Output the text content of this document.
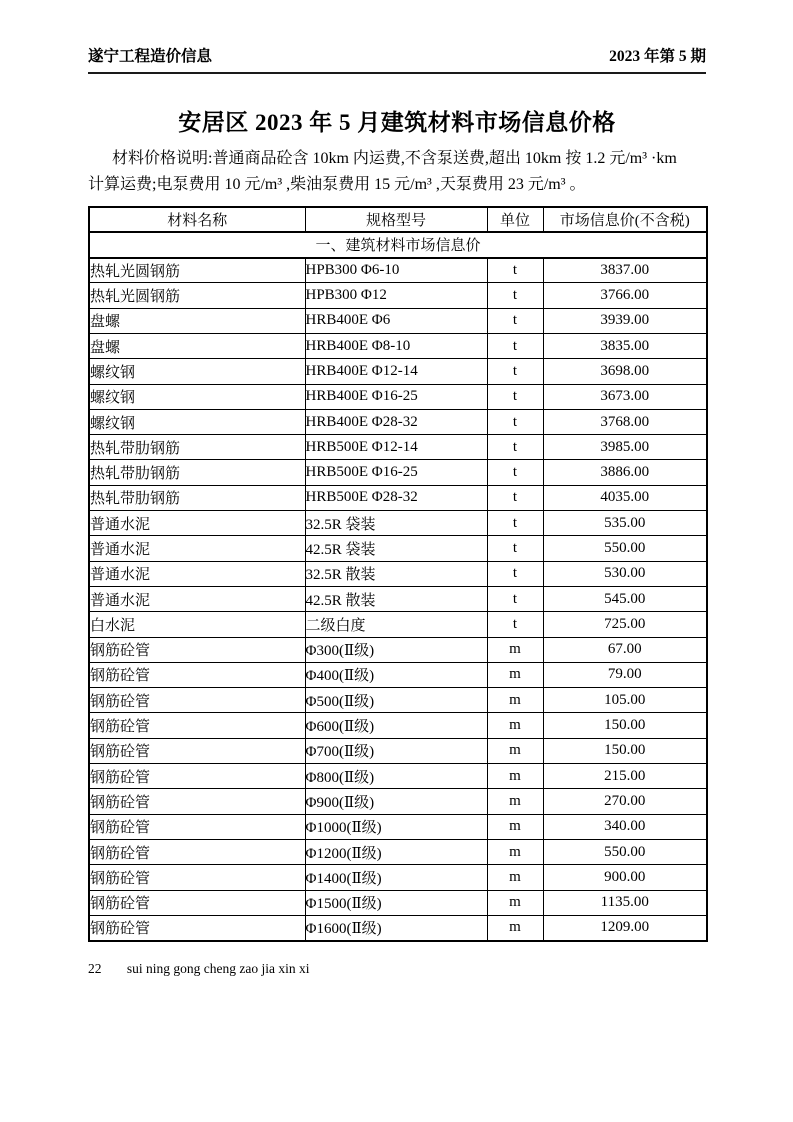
遂宁工程造价信息	2023 年第 5 期
安居区 2023 年 5 月建筑材料市场信息价格
材料价格说明:普通商品砼含 10km 内运费,不含泵送费,超出 10km 按 1.2 元/m³ ·km
计算运费;电泵费用 10 元/m³ ,柴油泵费用 15 元/m³ ,天泵费用 23 元/m³ 。
材料名称	规格型号	单位	市场信息价(不含税)
一、建筑材料市场信息价			
热轧光圆钢筋	HPB300 Φ6-10	t	3837.00
热轧光圆钢筋	HPB300 Φ12	t	3766.00
盘螺	HRB400E Φ6	t	3939.00
盘螺	HRB400E Φ8-10	t	3835.00
螺纹钢	HRB400E Φ12-14	t	3698.00
螺纹钢	HRB400E Φ16-25	t	3673.00
螺纹钢	HRB400E Φ28-32	t	3768.00
热轧带肋钢筋	HRB500E Φ12-14	t	3985.00
热轧带肋钢筋	HRB500E Φ16-25	t	3886.00
热轧带肋钢筋	HRB500E Φ28-32	t	4035.00
普通水泥	32.5R 袋装	t	535.00
普通水泥	42.5R 袋装	t	550.00
普通水泥	32.5R 散装	t	530.00
普通水泥	42.5R 散装	t	545.00
白水泥	二级白度	t	725.00
钢筋砼管	Φ300(Ⅱ级)	m	67.00
钢筋砼管	Φ400(Ⅱ级)	m	79.00
钢筋砼管	Φ500(Ⅱ级)	m	105.00
钢筋砼管	Φ600(Ⅱ级)	m	150.00
钢筋砼管	Φ700(Ⅱ级)	m	150.00
钢筋砼管	Φ800(Ⅱ级)	m	215.00
钢筋砼管	Φ900(Ⅱ级)	m	270.00
钢筋砼管	Φ1000(Ⅱ级)	m	340.00
钢筋砼管	Φ1200(Ⅱ级)	m	550.00
钢筋砼管	Φ1400(Ⅱ级)	m	900.00
钢筋砼管	Φ1500(Ⅱ级)	m	1135.00
钢筋砼管	Φ1600(Ⅱ级)	m	1209.00
22 sui ning gong cheng zao jia xin xi
